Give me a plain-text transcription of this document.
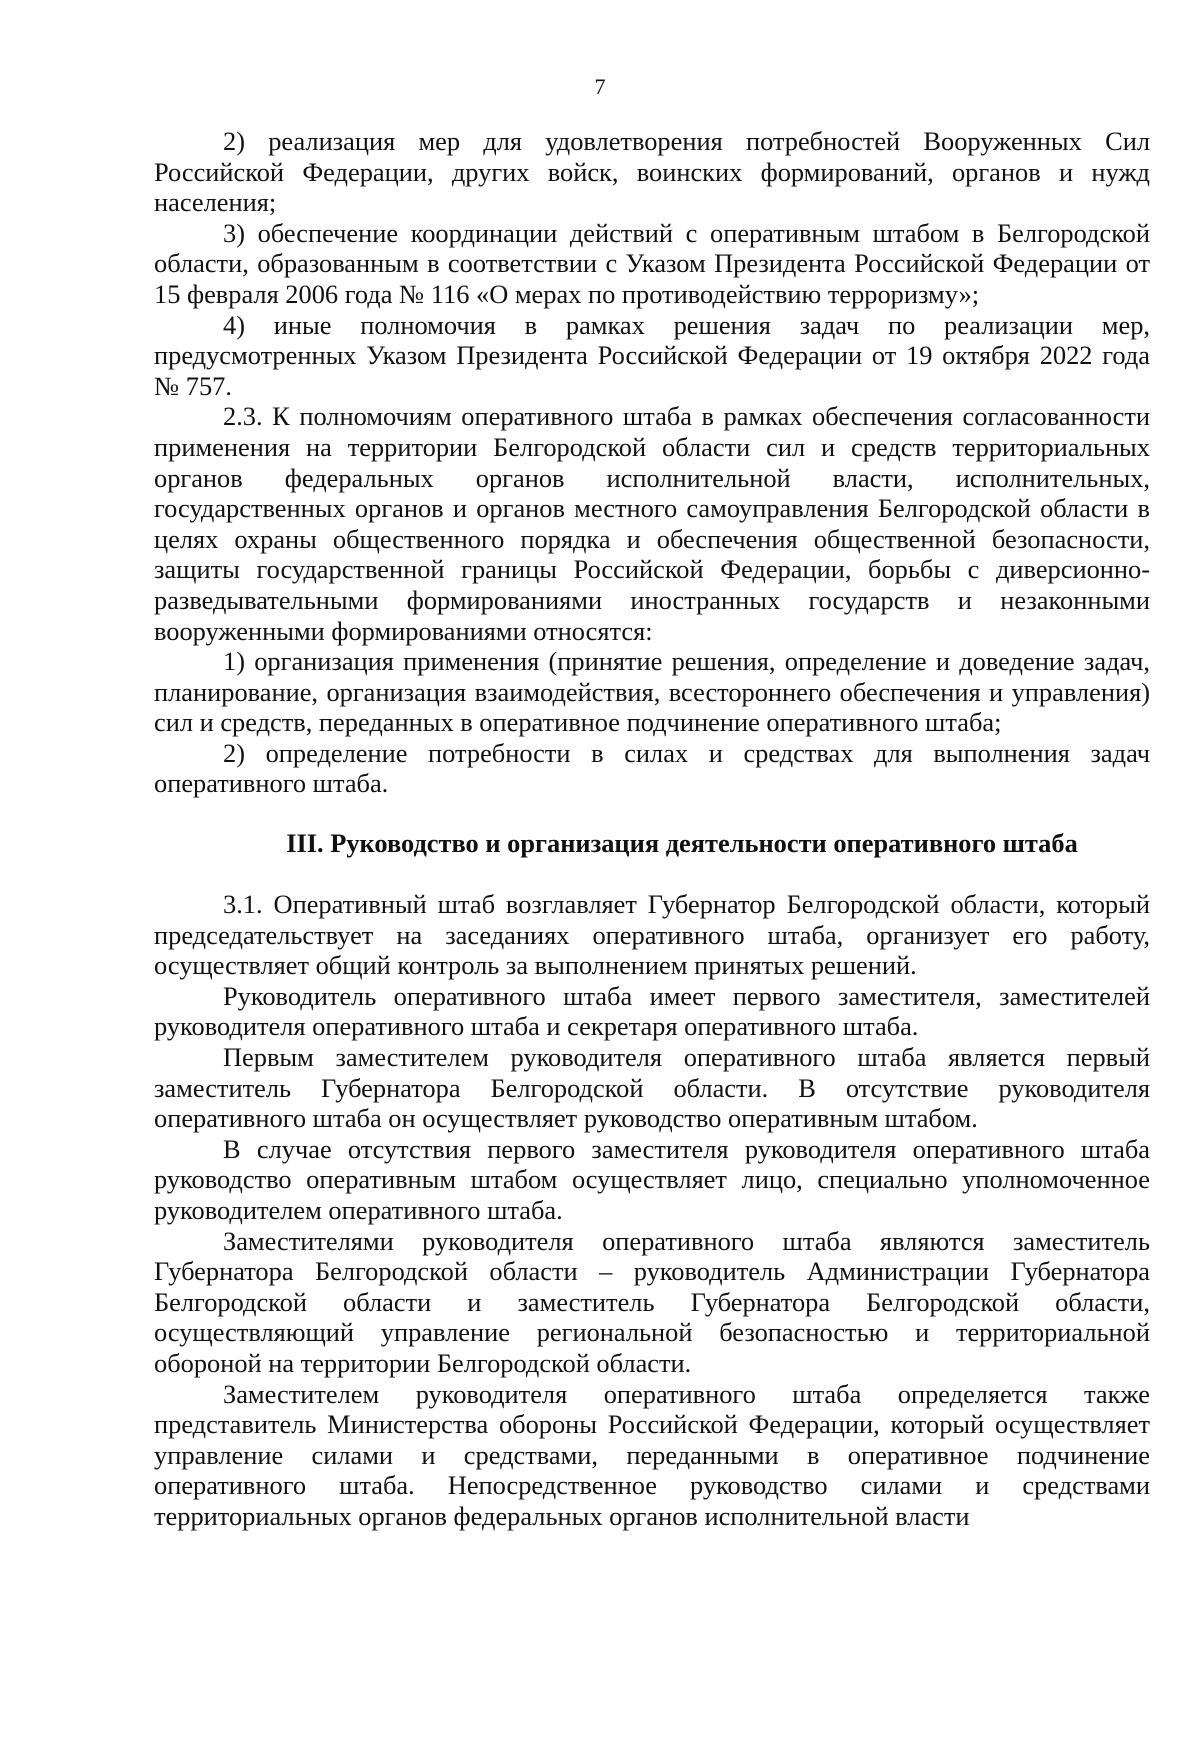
7

2) реализация мер для удовлетворения потребностей Вооруженных Сил Российской Федерации, других войск, воинских формирований, органов и нужд населения;

3) обеспечение координации действий с оперативным штабом в Белгородской области, образованным в соответствии с Указом Президента Российской Федерации от 15 февраля 2006 года № 116 «О мерах по противодействию терроризму»;

4) иные полномочия в рамках решения задач по реализации мер, предусмотренных Указом Президента Российской Федерации от 19 октября 2022 года № 757.

2.3. К полномочиям оперативного штаба в рамках обеспечения согласованности применения на территории Белгородской области сил и средств территориальных органов федеральных органов исполнительной власти, исполнительных, государственных органов и органов местного самоуправления Белгородской области в целях охраны общественного порядка и обеспечения общественной безопасности, защиты государственной границы Российской Федерации, борьбы с диверсионно-разведывательными формированиями иностранных государств и незаконными вооруженными формированиями относятся:

1) организация применения (принятие решения, определение и доведение задач, планирование, организация взаимодействия, всестороннего обеспечения и управления) сил и средств, переданных в оперативное подчинение оперативного штаба;

2) определение потребности в силах и средствах для выполнения задач оперативного штаба.

III. Руководство и организация деятельности оперативного штаба

3.1. Оперативный штаб возглавляет Губернатор Белгородской области, который председательствует на заседаниях оперативного штаба, организует его работу, осуществляет общий контроль за выполнением принятых решений.

Руководитель оперативного штаба имеет первого заместителя, заместителей руководителя оперативного штаба и секретаря оперативного штаба.

Первым заместителем руководителя оперативного штаба является первый заместитель Губернатора Белгородской области. В отсутствие руководителя оперативного штаба он осуществляет руководство оперативным штабом.

В случае отсутствия первого заместителя руководителя оперативного штаба руководство оперативным штабом осуществляет лицо, специально уполномоченное руководителем оперативного штаба.

Заместителями руководителя оперативного штаба являются заместитель Губернатора Белгородской области – руководитель Администрации Губернатора Белгородской области и заместитель Губернатора Белгородской области, осуществляющий управление региональной безопасностью и территориальной обороной на территории Белгородской области.

Заместителем руководителя оперативного штаба определяется также представитель Министерства обороны Российской Федерации, который осуществляет управление силами и средствами, переданными в оперативное подчинение оперативного штаба. Непосредственное руководство силами и средствами территориальных органов федеральных органов исполнительной власти
